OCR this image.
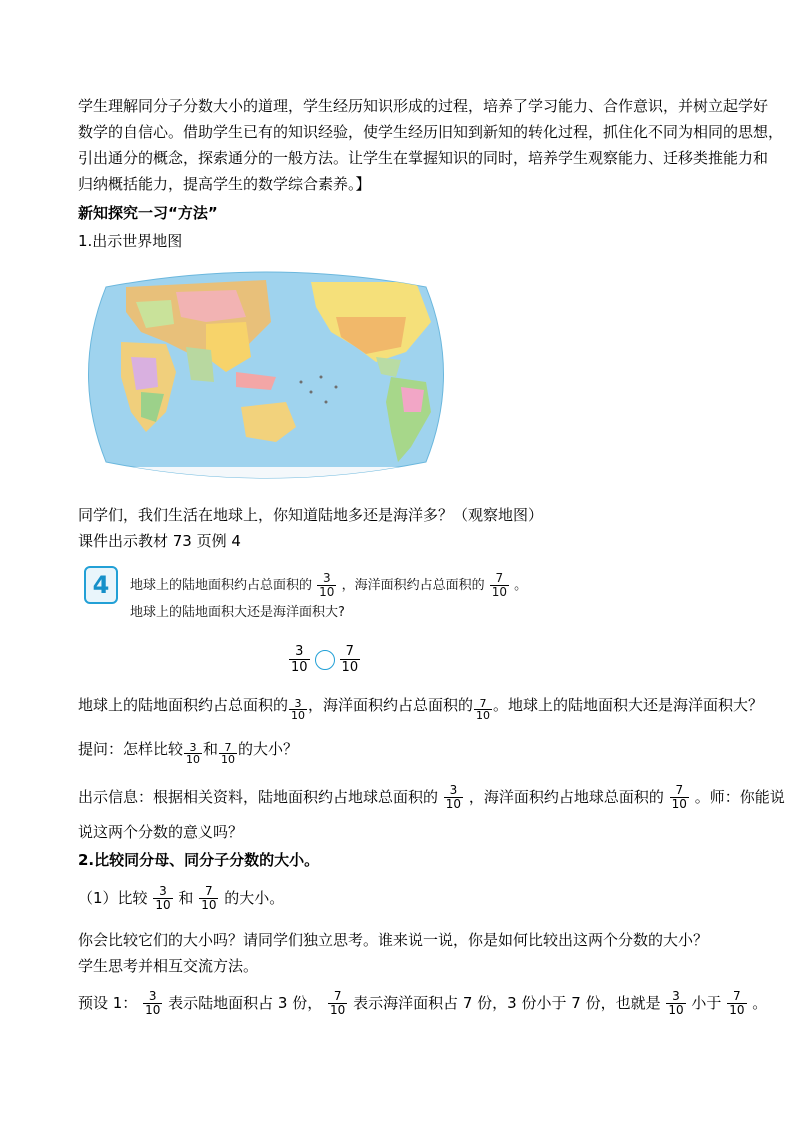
学生理解同分子分数大小的道理，学生经历知识形成的过程，培养了学习能力、合作意识，并树立起学好
数学的自信心。借助学生已有的知识经验，使学生经历旧知到新知的转化过程，抓住化不同为相同的思想，
引出通分的概念，探索通分的一般方法。让学生在掌握知识的同时，培养学生观察能力、迁移类推能力和
归纳概括能力，提高学生的数学综合素养。】
新知探究一习“方法”
1.出示世界地图
同学们，我们生活在地球上，你知道陆地多还是海洋多？（观察地图）
课件出示教材 73 页例 4
4	地球上的陆地面积约占总面积的 $\frac{3}{10}$ ，海洋面积约占总面积的 $\frac{7}{10}$ 。
地球上的陆地面积大还是海洋面积大?
$\frac{3}{10} \frac{7}{10}$
地球上的陆地面积约占总面积的 $\frac{3}{10}$ ，海洋面积约占总面积的 $\frac{7}{10}$ 。地球上的陆地面积大还是海洋面积大？
提问：怎样比较 $\frac{3}{10}$ 和 $\frac{7}{10}$ 的大小？
出示信息：根据相关资料，陆地面积约占地球总面积的 $\frac{3}{10}$ ，海洋面积约占地球总面积的 $\frac{7}{10}$ 。师：你能说
说这两个分数的意义吗？
2.比较同分母、同分子分数的大小。
（1）比较 $\frac{3}{10}$ 和 $\frac{7}{10}$ 的大小。
你会比较它们的大小吗？请同学们独立思考。谁来说一说，你是如何比较出这两个分数的大小？
学生思考并相互交流方法。
预设 1： $\frac{3}{10}$ 表示陆地面积占 3 份， $\frac{7}{10}$ 表示海洋面积占 7 份，3 份小于 7 份，也就是 $\frac{3}{10}$ 小于 $\frac{7}{10}$ 。
